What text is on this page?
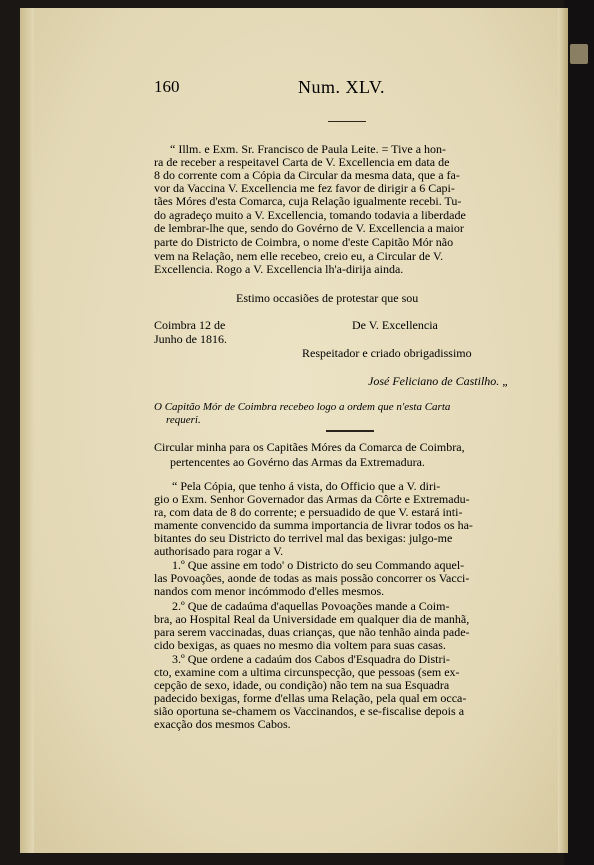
160	Num. XLV.
“ Illm. e Exm. Sr. Francisco de Paula Leite. = Tive a hon-
ra de receber a respeitavel Carta de V. Excellencia em data de
8 do corrente com a Cópia da Circular da mesma data, que a fa-
vor da Vaccina V. Excellencia me fez favor de dirigir a 6 Capi-
tães Móres d'esta Comarca, cuja Relação igualmente recebi. Tu-
do agradeço muito a V. Excellencia, tomando todavia a liberdade
de lembrar-lhe que, sendo do Govérno de V. Excellencia a maior
parte do Districto de Coimbra, o nome d'este Capitão Mór não
vem na Relação, nem elle recebeo, creio eu, a Circular de V.
Excellencia. Rogo a V. Excellencia lh'a-dirija ainda.
Estimo occasiões de protestar que sou
Coimbra 12 de
Junho de 1816.
De V. Excellencia
Respeitador e criado obrigadissimo
José Feliciano de Castilho. „
O Capitão Mór de Coimbra recebeo logo a ordem que n'esta Carta
requeri.
Circular minha para os Capitães Móres da Comarca de Coimbra,
pertencentes ao Govérno das Armas da Extremadura.
“ Pela Cópia, que tenho á vista, do Officio que a V. diri-
gio o Exm. Senhor Governador das Armas da Côrte e Extremadu-
ra, com data de 8 do corrente; e persuadido de que V. estará inti-
mamente convencido da summa importancia de livrar todos os ha-
bitantes do seu Districto do terrivel mal das bexigas: julgo-me
authorisado para rogar a V.
1.º Que assine em todo' o Districto do seu Commando aquel-
las Povoações, aonde de todas as mais possão concorrer os Vacci-
nandos com menor incómmodo d'elles mesmos.
2.º Que de cadaúma d'aquellas Povoações mande a Coim-
bra, ao Hospital Real da Universidade em qualquer dia de manhã,
para serem vaccinadas, duas crianças, que não tenhão ainda pade-
cido bexigas, as quaes no mesmo dia voltem para suas casas.
3.º Que ordene a cadaúm dos Cabos d'Esquadra do Distri-
cto, examine com a ultima circunspecção, que pessoas (sem ex-
cepção de sexo, idade, ou condição) não tem na sua Esquadra
padecido bexigas, forme d'ellas uma Relação, pela qual em occa-
sião oportuna se-chamem os Vaccinandos, e se-fiscalise depois a
exacção dos mesmos Cabos.
